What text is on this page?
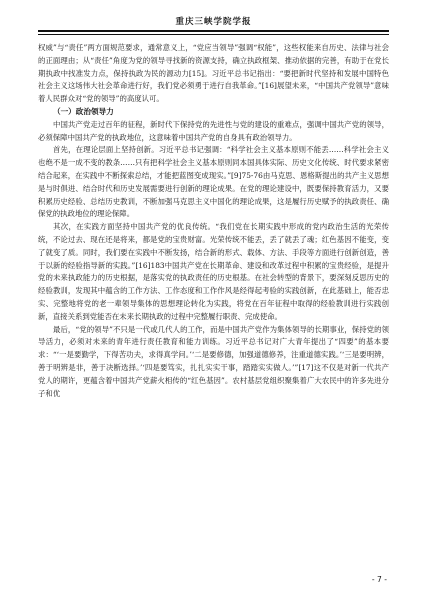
重庆三峡学院学报

权威”与“责任”两方面规范要求，通常意义上，“党应当领导”强调“权能”，这些权能来自历史、法律与社会的正面理由；从“责任”角度为党的领导寻找新的资源支持，确立执政框架、推动依据的完善，有助于在党长期执政中找准发力点，保持执政为民的源动力[15]。习近平总书记指出：“要把新时代坚持和发展中国特色社会主义这场伟大社会革命进行好，我们党必须勇于进行自我革命。”[16]展望未来，“中国共产党领导”意味着人民群众对“党的领导”的高度认可。

（一）政治领导力

中国共产党走过百年的征程，新时代下保持党的先进性与党的建设的重难点，强调中国共产党的领导，必须保障中国共产党的执政地位，这意味着中国共产党的自身具有政治领导力。

首先，在理论层面上坚持创新。习近平总书记强调：“科学社会主义基本原则不能丢……科学社会主义也绝不是一成不变的教条……只有把科学社会主义基本原则同本国具体实际、历史文化传统、时代要求紧密结合起来，在实践中不断探索总结，才能把蓝图变成现实。”[9]75-76由马克思、恩格斯提出的共产主义思想是与时俱进、结合时代和历史发展需要进行创新的理论成果。在党的理论建设中，既要保持教育活力，又要积累历史经验、总结历史教训，不断加强马克思主义中国化的理论成果，这是履行历史赋予的执政责任、确保党的执政地位的理论保障。

其次，在实践方面坚持中国共产党的优良传统。“我们党在长期实践中形成的党内政治生活的光荣传统，不论过去、现在还是将来，都是党的宝贵财富。光荣传统不能丢，丢了就丢了魂；红色基因不能变，变了就变了质。同时，我们要在实践中不断发扬，结合新的形式、载体、方法、手段等方面进行创新创造，善于以新的经验指导新的实践。”[16]183中国共产党在长期革命、建设和改革过程中积累的宝贵经验，是提升党的未来执政能力的历史根据，是落实党的执政责任的历史根基。在社会转型的背景下，要深刻反思历史的经验教训，发现其中蕴含的工作方法、工作态度和工作作风是经得起考验的实践创新，在此基础上，能否忠实、完整地将党的老一辈领导集体的思想理论转化为实践，将党在百年征程中取得的经验教训进行实践创新，直接关系到党能否在未来长期执政的过程中完整履行职责、完成使命。

最后，“党的领导”不只是一代或几代人的工作，而是中国共产党作为集体领导的长期事业，保持党的领导活力，必须对未来的青年进行责任教育和能力训练。习近平总书记对广大青年提出了“四要”的基本要求：“‘一是要勤学，下得苦功夫，求得真学问。’‘二是要修德，加强道德修养，注重道德实践。’‘三是要明辨，善于明辨是非，善于决断选择。’‘四是要笃实，扎扎实实干事，踏踏实实做人。’”[17]这不仅是对新一代共产党人的期许，更蕴含着中国共产党薪火相传的“红色基因”。农村基层党组织聚集着广大农民中的许多先进分子和优

- 7 -
